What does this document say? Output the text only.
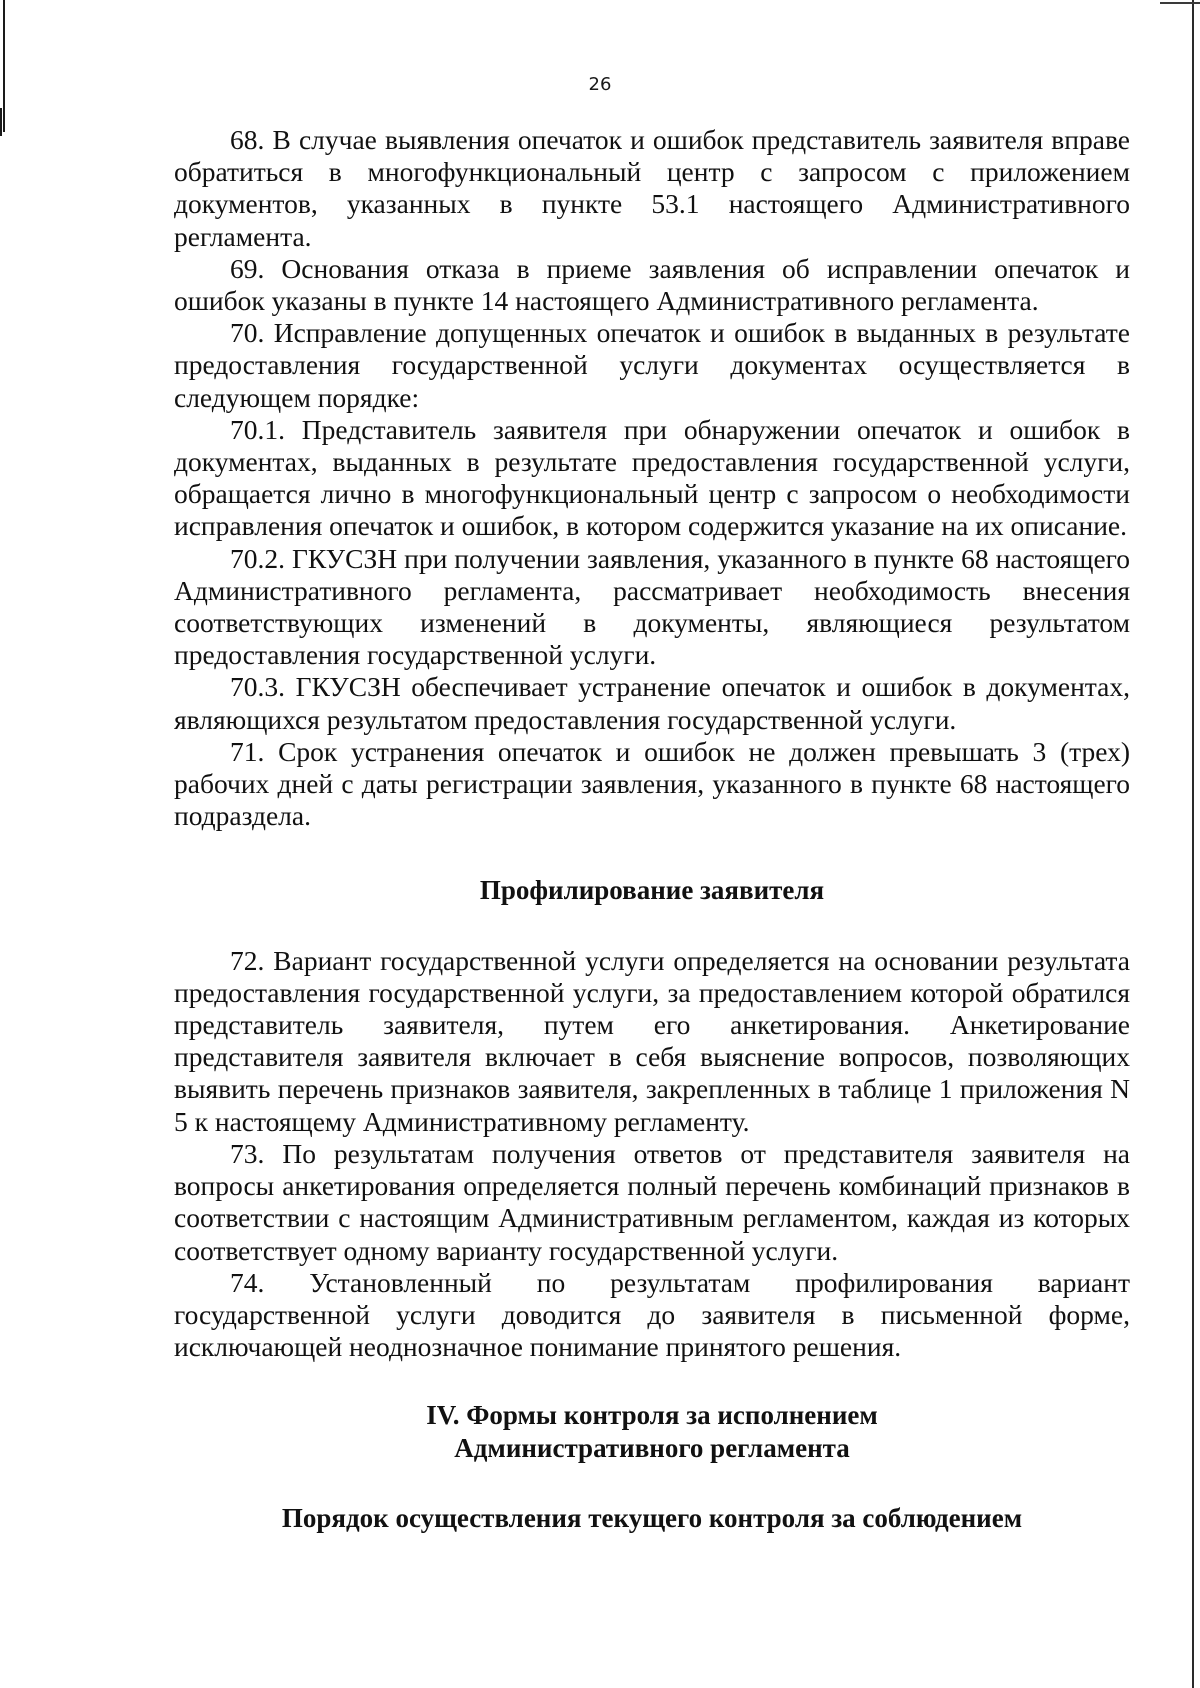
26

68. В случае выявления опечаток и ошибок представитель заявителя вправе обратиться в многофункциональный центр с запросом с приложением документов, указанных в пункте 53.1 настоящего Административного регламента.

69. Основания отказа в приеме заявления об исправлении опечаток и ошибок указаны в пункте 14 настоящего Административного регламента.

70. Исправление допущенных опечаток и ошибок в выданных в результате предоставления государственной услуги документах осуществляется в следующем порядке:

70.1. Представитель заявителя при обнаружении опечаток и ошибок в документах, выданных в результате предоставления государственной услуги, обращается лично в многофункциональный центр с запросом о необходимости исправления опечаток и ошибок, в котором содержится указание на их описание.

70.2. ГКУСЗН при получении заявления, указанного в пункте 68 настоящего Административного регламента, рассматривает необходимость внесения соответствующих изменений в документы, являющиеся результатом предоставления государственной услуги.

70.3. ГКУСЗН обеспечивает устранение опечаток и ошибок в документах, являющихся результатом предоставления государственной услуги.

71. Срок устранения опечаток и ошибок не должен превышать 3 (трех) рабочих дней с даты регистрации заявления, указанного в пункте 68 настоящего подраздела.

Профилирование заявителя

72. Вариант государственной услуги определяется на основании результата предоставления государственной услуги, за предоставлением которой обратился представитель заявителя, путем его анкетирования. Анкетирование представителя заявителя включает в себя выяснение вопросов, позволяющих выявить перечень признаков заявителя, закрепленных в таблице 1 приложения N 5 к настоящему Административному регламенту.

73. По результатам получения ответов от представителя заявителя на вопросы анкетирования определяется полный перечень комбинаций признаков в соответствии с настоящим Административным регламентом, каждая из которых соответствует одному варианту государственной услуги.

74. Установленный по результатам профилирования вариант государственной услуги доводится до заявителя в письменной форме, исключающей неоднозначное понимание принятого решения.

IV. Формы контроля за исполнением

Административного регламента

Порядок осуществления текущего контроля за соблюдением
